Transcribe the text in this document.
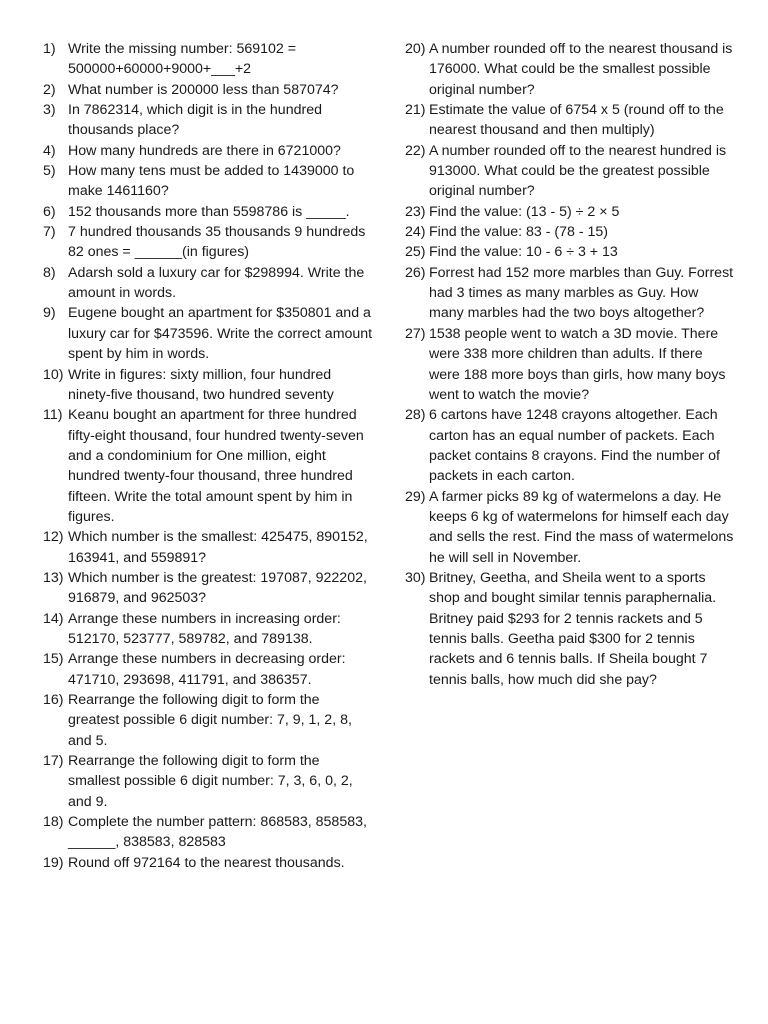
1) Write the missing number: 569102 = 500000+60000+9000+___+2
2) What number is 200000 less than 587074?
3) In 7862314, which digit is in the hundred thousands place?
4) How many hundreds are there in 6721000?
5) How many tens must be added to 1439000 to make 1461160?
6) 152 thousands more than 5598786 is _____.
7) 7 hundred thousands 35 thousands 9 hundreds 82 ones = ______(in figures)
8) Adarsh sold a luxury car for $298994. Write the amount in words.
9) Eugene bought an apartment for $350801 and a luxury car for $473596. Write the correct amount spent by him in words.
10) Write in figures: sixty million, four hundred ninety-five thousand, two hundred seventy
11) Keanu bought an apartment for three hundred fifty-eight thousand, four hundred twenty-seven and a condominium for One million, eight hundred twenty-four thousand, three hundred fifteen. Write the total amount spent by him in figures.
12) Which number is the smallest: 425475, 890152, 163941, and 559891?
13) Which number is the greatest: 197087, 922202, 916879, and 962503?
14) Arrange these numbers in increasing order: 512170, 523777, 589782, and 789138.
15) Arrange these numbers in decreasing order: 471710, 293698, 411791, and 386357.
16) Rearrange the following digit to form the greatest possible 6 digit number: 7, 9, 1, 2, 8, and 5.
17) Rearrange the following digit to form the smallest possible 6 digit number: 7, 3, 6, 0, 2, and 9.
18) Complete the number pattern: 868583, 858583, ______, 838583, 828583
19) Round off 972164 to the nearest thousands.
20) A number rounded off to the nearest thousand is 176000. What could be the smallest possible original number?
21) Estimate the value of 6754 x 5 (round off to the nearest thousand and then multiply)
22) A number rounded off to the nearest hundred is 913000. What could be the greatest possible original number?
23) Find the value: (13 - 5) ÷ 2 × 5
24) Find the value: 83 - (78 - 15)
25) Find the value: 10 - 6 ÷ 3 + 13
26) Forrest had 152 more marbles than Guy. Forrest had 3 times as many marbles as Guy. How many marbles had the two boys altogether?
27) 1538 people went to watch a 3D movie. There were 338 more children than adults. If there were 188 more boys than girls, how many boys went to watch the movie?
28) 6 cartons have 1248 crayons altogether. Each carton has an equal number of packets. Each packet contains 8 crayons. Find the number of packets in each carton.
29) A farmer picks 89 kg of watermelons a day. He keeps 6 kg of watermelons for himself each day and sells the rest. Find the mass of watermelons he will sell in November.
30) Britney, Geetha, and Sheila went to a sports shop and bought similar tennis paraphernalia. Britney paid $293 for 2 tennis rackets and 5 tennis balls. Geetha paid $300 for 2 tennis rackets and 6 tennis balls. If Sheila bought 7 tennis balls, how much did she pay?
